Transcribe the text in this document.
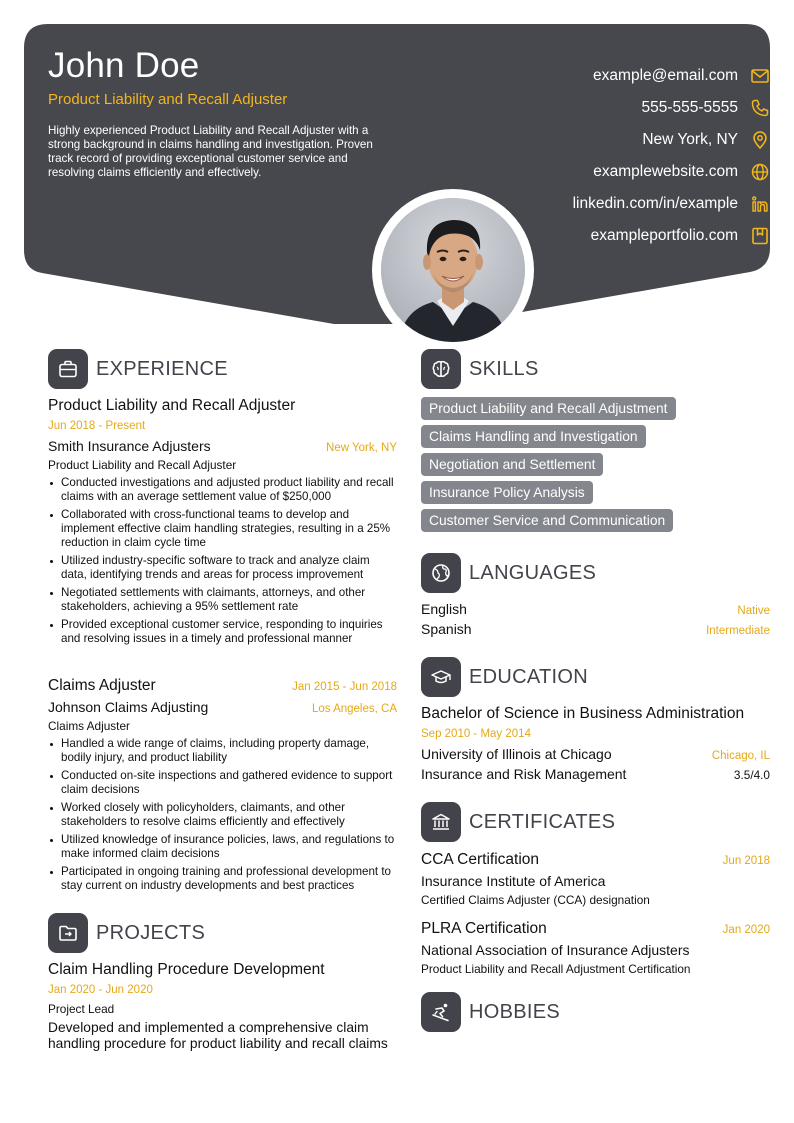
John Doe
Product Liability and Recall Adjuster
Highly experienced Product Liability and Recall Adjuster with a strong background in claims handling and investigation. Proven track record of providing exceptional customer service and resolving claims efficiently and effectively.
example@email.com
555-555-5555
New York, NY
examplewebsite.com
linkedin.com/in/example
exampleportfolio.com
EXPERIENCE
Product Liability and Recall Adjuster
Jun 2018 - Present
Smith Insurance Adjusters	New York, NY
Product Liability and Recall Adjuster
Conducted investigations and adjusted product liability and recall claims with an average settlement value of $250,000
Collaborated with cross-functional teams to develop and implement effective claim handling strategies, resulting in a 25% reduction in claim cycle time
Utilized industry-specific software to track and analyze claim data, identifying trends and areas for process improvement
Negotiated settlements with claimants, attorneys, and other stakeholders, achieving a 95% settlement rate
Provided exceptional customer service, responding to inquiries and resolving issues in a timely and professional manner
Claims Adjuster	Jan 2015 - Jun 2018
Johnson Claims Adjusting	Los Angeles, CA
Claims Adjuster
Handled a wide range of claims, including property damage, bodily injury, and product liability
Conducted on-site inspections and gathered evidence to support claim decisions
Worked closely with policyholders, claimants, and other stakeholders to resolve claims efficiently and effectively
Utilized knowledge of insurance policies, laws, and regulations to make informed claim decisions
Participated in ongoing training and professional development to stay current on industry developments and best practices
PROJECTS
Claim Handling Procedure Development
Jan 2020 - Jun 2020
Project Lead
Developed and implemented a comprehensive claim handling procedure for product liability and recall claims
SKILLS
Product Liability and Recall Adjustment
Claims Handling and Investigation
Negotiation and Settlement
Insurance Policy Analysis
Customer Service and Communication
LANGUAGES
English	Native
Spanish	Intermediate
EDUCATION
Bachelor of Science in Business Administration
Sep 2010 - May 2014
University of Illinois at Chicago	Chicago, IL
Insurance and Risk Management	3.5/4.0
CERTIFICATES
CCA Certification	Jun 2018
Insurance Institute of America
Certified Claims Adjuster (CCA) designation
PLRA Certification	Jan 2020
National Association of Insurance Adjusters
Product Liability and Recall Adjustment Certification
HOBBIES
